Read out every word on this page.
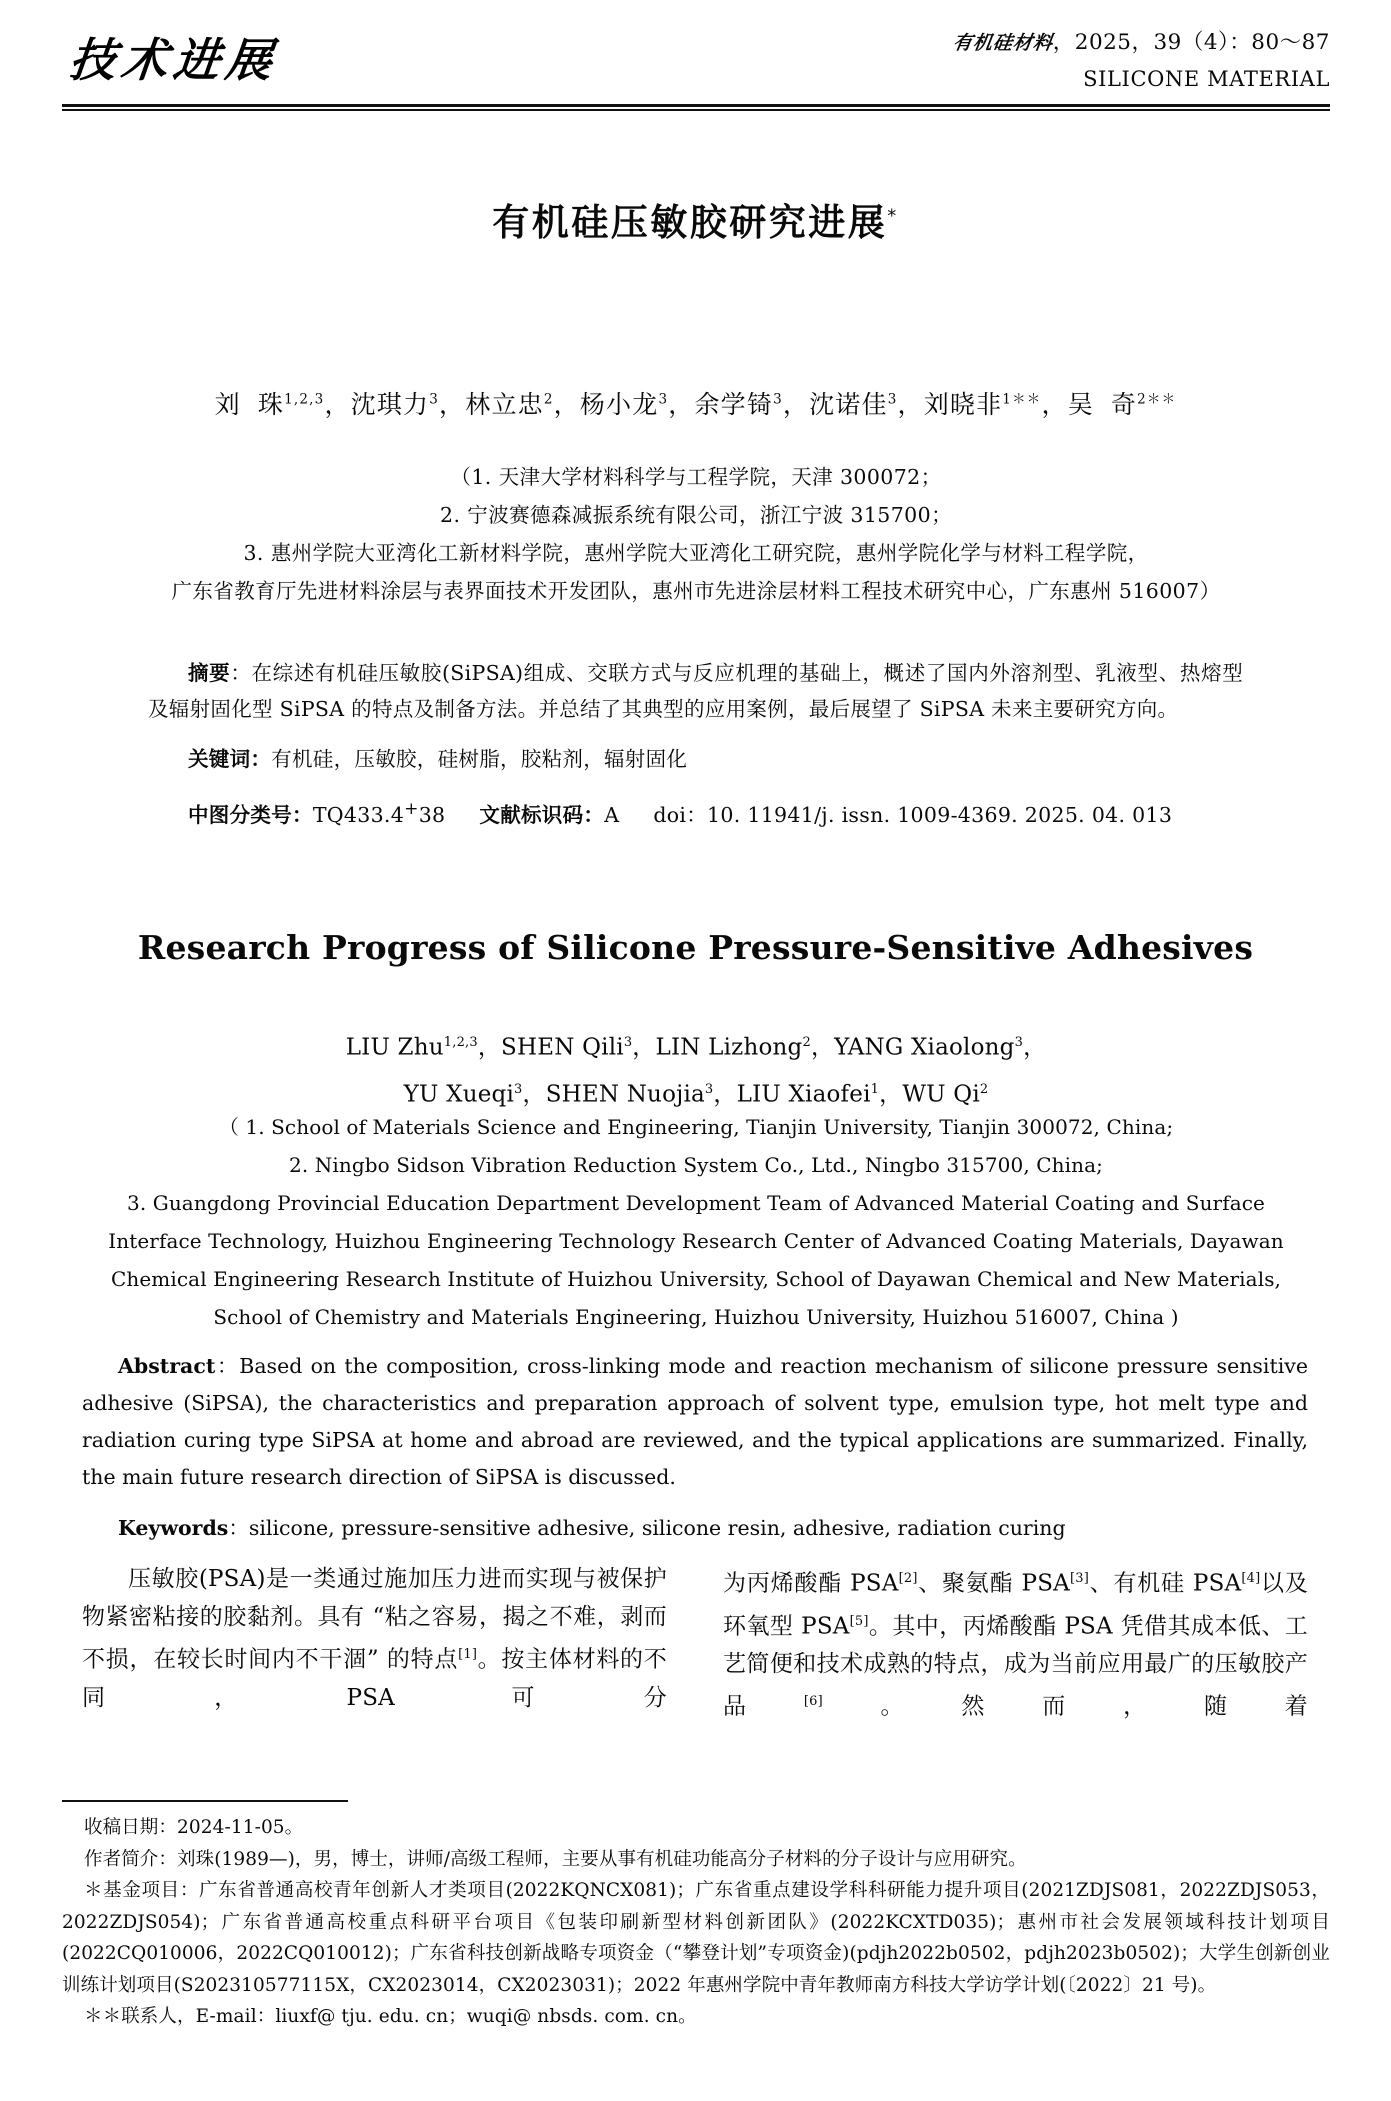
技术进展	有机硅材料，2025，39（4）：80～87
SILICONE MATERIAL
有机硅压敏胶研究进展*
刘 珠$^{1,2,3}$，沈琪力$^3$，林立忠$^2$，杨小龙$^3$，余学锜$^3$，沈诺佳$^3$，刘晓非$^{1**}$，吴 奇$^{2**}$
（1. 天津大学材料科学与工程学院，天津 300072；
2. 宁波赛德森减振系统有限公司，浙江宁波 315700；
3. 惠州学院大亚湾化工新材料学院，惠州学院大亚湾化工研究院，惠州学院化学与材料工程学院，
广东省教育厅先进材料涂层与表界面技术开发团队，惠州市先进涂层材料工程技术研究中心，广东惠州 516007）

摘要：在综述有机硅压敏胶(SiPSA)组成、交联方式与反应机理的基础上，概述了国内外溶剂型、乳液型、热熔型及辐射固化型 SiPSA 的特点及制备方法。并总结了其典型的应用案例，最后展望了 SiPSA 未来主要研究方向。

关键词：有机硅，压敏胶，硅树脂，胶粘剂，辐射固化

中图分类号：TQ433.4+38 文献标识码：A doi：10. 11941/j. issn. 1009-4369. 2025. 04. 013

Research Progress of Silicone Pressure-Sensitive Adhesives
LIU Zhu$^{1,2,3}$，SHEN Qili$^3$，LIN Lizhong$^2$，YANG Xiaolong$^3$，
YU Xueqi$^3$，SHEN Nuojia$^3$，LIU Xiaofei$^1$，WU Qi$^2$
（ 1. School of Materials Science and Engineering, Tianjin University, Tianjin 300072, China;
2. Ningbo Sidson Vibration Reduction System Co., Ltd., Ningbo 315700, China;
3. Guangdong Provincial Education Department Development Team of Advanced Material Coating and Surface
Interface Technology, Huizhou Engineering Technology Research Center of Advanced Coating Materials, Dayawan
Chemical Engineering Research Institute of Huizhou University, School of Dayawan Chemical and New Materials,
School of Chemistry and Materials Engineering, Huizhou University, Huizhou 516007, China )

Abstract：Based on the composition, cross-linking mode and reaction mechanism of silicone pressure sensitive adhesive (SiPSA), the characteristics and preparation approach of solvent type, emulsion type, hot melt type and radiation curing type SiPSA at home and abroad are reviewed, and the typical applications are summarized. Finally, the main future research direction of SiPSA is discussed.

Keywords：silicone, pressure-sensitive adhesive, silicone resin, adhesive, radiation curing

压敏胶(PSA)是一类通过施加压力进而实现与被保护物紧密粘接的胶黏剂。具有 “粘之容易，揭之不难，剥而不损，在较长时间内不干涸” 的特点[1]。按主体材料的不同，PSA 可分

为丙烯酸酯 PSA[2]、聚氨酯 PSA[3]、有机硅 PSA[4]以及环氧型 PSA[5]。其中，丙烯酸酯 PSA 凭借其成本低、工艺简便和技术成熟的特点，成为当前应用最广的压敏胶产品[6]。然而，随着

收稿日期：2024-11-05。

作者简介：刘珠(1989—)，男，博士，讲师/高级工程师，主要从事有机硅功能高分子材料的分子设计与应用研究。

＊基金项目：广东省普通高校青年创新人才类项目(2022KQNCX081)；广东省重点建设学科科研能力提升项目(2021ZDJS081，2022ZDJS053，2022ZDJS054)；广东省普通高校重点科研平台项目《包装印刷新型材料创新团队》(2022KCXTD035)；惠州市社会发展领域科技计划项目(2022CQ010006，2022CQ010012)；广东省科技创新战略专项资金（“攀登计划”专项资金)(pdjh2022b0502，pdjh2023b0502)；大学生创新创业训练计划项目(S202310577115X，CX2023014，CX2023031)；2022 年惠州学院中青年教师南方科技大学访学计划(〔2022〕21 号)。

＊＊联系人，E-mail：liuxf@ tju. edu. cn；wuqi@ nbsds. com. cn。
